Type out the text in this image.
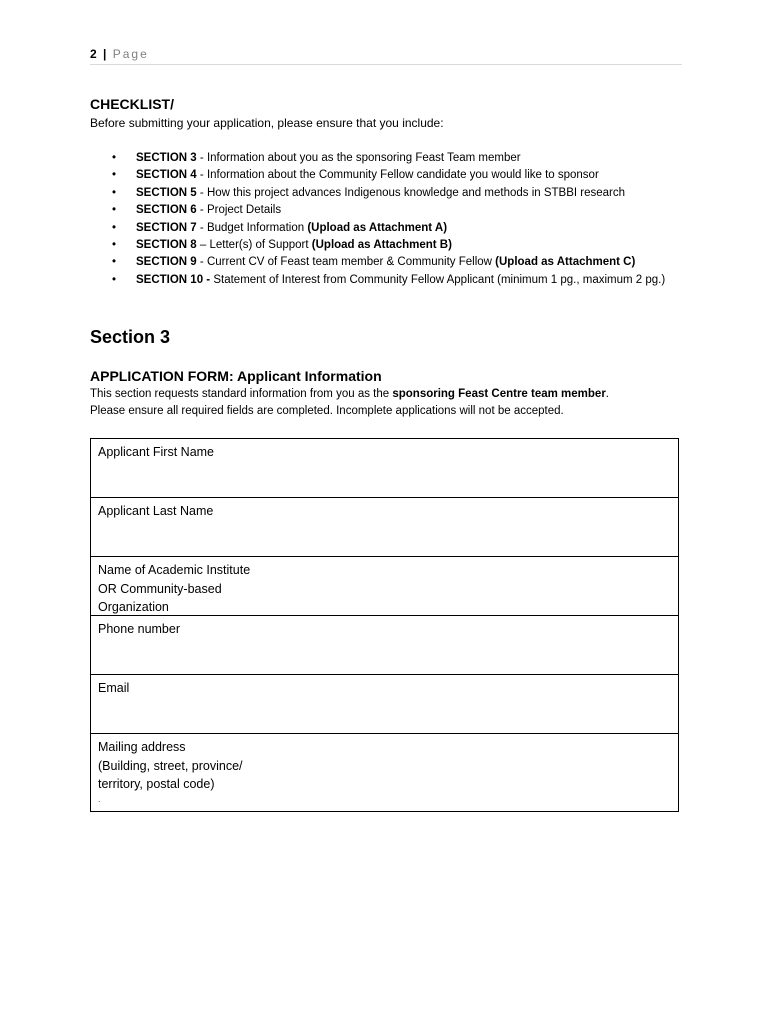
2 | Page
CHECKLIST/
Before submitting your application, please ensure that you include:
• SECTION 3 - Information about you as the sponsoring Feast Team member
• SECTION 4 - Information about the Community Fellow candidate you would like to sponsor
• SECTION 5 - How this project advances Indigenous knowledge and methods in STBBI research
• SECTION 6 - Project Details
• SECTION 7 - Budget Information (Upload as Attachment A)
• SECTION 8 – Letter(s) of Support (Upload as Attachment B)
• SECTION 9 - Current CV of Feast team member & Community Fellow (Upload as Attachment C)
• SECTION 10 - Statement of Interest from Community Fellow Applicant (minimum 1 pg., maximum 2 pg.)
Section 3
APPLICATION FORM: Applicant Information
This section requests standard information from you as the sponsoring Feast Centre team member.
Please ensure all required fields are completed. Incomplete applications will not be accepted.
Applicant First Name
Applicant Last Name
Name of Academic Institute
OR Community-based
Organization
Phone number
Email
Mailing address
(Building, street, province/
territory, postal code)
.
